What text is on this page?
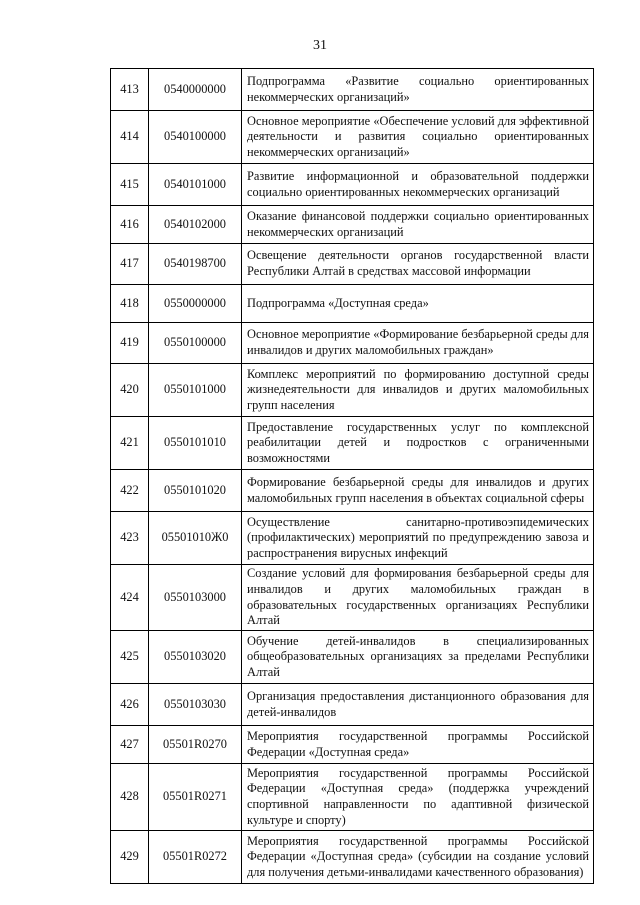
31
413	0540000000	Подпрограмма «Развитие социально ориентированных некоммерческих организаций»
414	0540100000	Основное мероприятие «Обеспечение условий для эффективной деятельности и развития социально ориентированных некоммерческих организаций»
415	0540101000	Развитие информационной и образовательной поддержки социально ориентированных некоммерческих организаций
416	0540102000	Оказание финансовой поддержки социально ориентированных некоммерческих организаций
417	0540198700	Освещение деятельности органов государственной власти Республики Алтай в средствах массовой информации
418	0550000000	Подпрограмма «Доступная среда»
419	0550100000	Основное мероприятие «Формирование безбарьерной среды для инвалидов и других маломобильных граждан»
420	0550101000	Комплекс мероприятий по формированию доступной среды жизнедеятельности для инвалидов и других маломобильных групп населения
421	0550101010	Предоставление государственных услуг по комплексной реабилитации детей и подростков с ограниченными возможностями
422	0550101020	Формирование безбарьерной среды для инвалидов и других маломобильных групп населения в объектах социальной сферы
423	05501010Ж0	Осуществление санитарно-противоэпидемических (профилактических) мероприятий по предупреждению завоза и распространения вирусных инфекций
424	0550103000	Создание условий для формирования безбарьерной среды для инвалидов и других маломобильных граждан в образовательных государственных организациях Республики Алтай
425	0550103020	Обучение детей-инвалидов в специализированных общеобразовательных организациях за пределами Республики Алтай
426	0550103030	Организация предоставления дистанционного образования для детей-инвалидов
427	05501R0270	Мероприятия государственной программы Российской Федерации «Доступная среда»
428	05501R0271	Мероприятия государственной программы Российской Федерации «Доступная среда» (поддержка учреждений спортивной направленности по адаптивной физической культуре и спорту)
429	05501R0272	Мероприятия государственной программы Российской Федерации «Доступная среда» (субсидии на создание условий для получения детьми-инвалидами качественного образования)
